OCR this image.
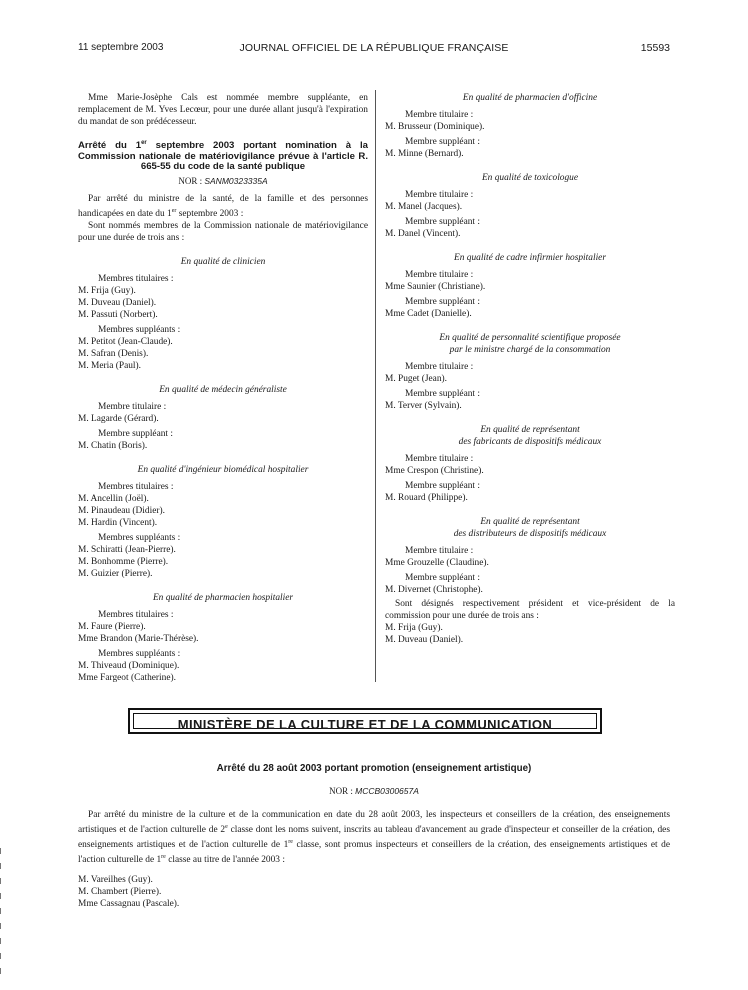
11 septembre 2003	JOURNAL OFFICIEL DE LA RÉPUBLIQUE FRANÇAISE	15593

Mme Marie-Josèphe Cals est nommée membre suppléante, en remplacement de M. Yves Lecœur, pour une durée allant jusqu'à l'expiration du mandat de son prédécesseur.

Arrêté du 1er septembre 2003 portant nomination à la Commission nationale de matériovigilance prévue à l'article R. 665-55 du code de la santé publique

NOR : SANM0323335A

Par arrêté du ministre de la santé, de la famille et des personnes handicapées en date du 1er septembre 2003 :

Sont nommés membres de la Commission nationale de matériovigilance pour une durée de trois ans :

En qualité de clinicien

Membres titulaires :

M. Frija (Guy).

M. Duveau (Daniel).

M. Passuti (Norbert).

Membres suppléants :

M. Petitot (Jean-Claude).

M. Safran (Denis).

M. Meria (Paul).

En qualité de médecin généraliste

Membre titulaire :

M. Lagarde (Gérard).

Membre suppléant :

M. Chatin (Boris).

En qualité d'ingénieur biomédical hospitalier

Membres titulaires :

M. Ancellin (Joël).

M. Pinaudeau (Didier).

M. Hardin (Vincent).

Membres suppléants :

M. Schiratti (Jean-Pierre).

M. Bonhomme (Pierre).

M. Guizier (Pierre).

En qualité de pharmacien hospitalier

Membres titulaires :

M. Faure (Pierre).

Mme Brandon (Marie-Thérèse).

Membres suppléants :

M. Thiveaud (Dominique).

Mme Fargeot (Catherine).

En qualité de pharmacien d'officine

Membre titulaire :

M. Brusseur (Dominique).

Membre suppléant :

M. Minne (Bernard).

En qualité de toxicologue

Membre titulaire :

M. Manel (Jacques).

Membre suppléant :

M. Danel (Vincent).

En qualité de cadre infirmier hospitalier

Membre titulaire :

Mme Saunier (Christiane).

Membre suppléant :

Mme Cadet (Danielle).

En qualité de personnalité scientifique proposée

par le ministre chargé de la consommation

Membre titulaire :

M. Puget (Jean).

Membre suppléant :

M. Terver (Sylvain).

En qualité de représentant

des fabricants de dispositifs médicaux

Membre titulaire :

Mme Crespon (Christine).

Membre suppléant :

M. Rouard (Philippe).

En qualité de représentant

des distributeurs de dispositifs médicaux

Membre titulaire :

Mme Grouzelle (Claudine).

Membre suppléant :

M. Divernet (Christophe).

Sont désignés respectivement président et vice-président de la commission pour une durée de trois ans :

M. Frija (Guy).

M. Duveau (Daniel).

MINISTÈRE DE LA CULTURE ET DE LA COMMUNICATION

Arrêté du 28 août 2003 portant promotion (enseignement artistique)

NOR : MCCB0300657A

Par arrêté du ministre de la culture et de la communication en date du 28 août 2003, les inspecteurs et conseillers de la création, des enseignements artistiques et de l'action culturelle de 2e classe dont les noms suivent, inscrits au tableau d'avancement au grade d'inspecteur et conseiller de la création, des enseignements artistiques et de l'action culturelle de 1re classe, sont promus inspecteurs et conseillers de la création, des enseignements artistiques et de l'action culturelle de 1re classe au titre de l'année 2003 :

M. Vareilhes (Guy).

M. Chambert (Pierre).

Mme Cassagnau (Pascale).
